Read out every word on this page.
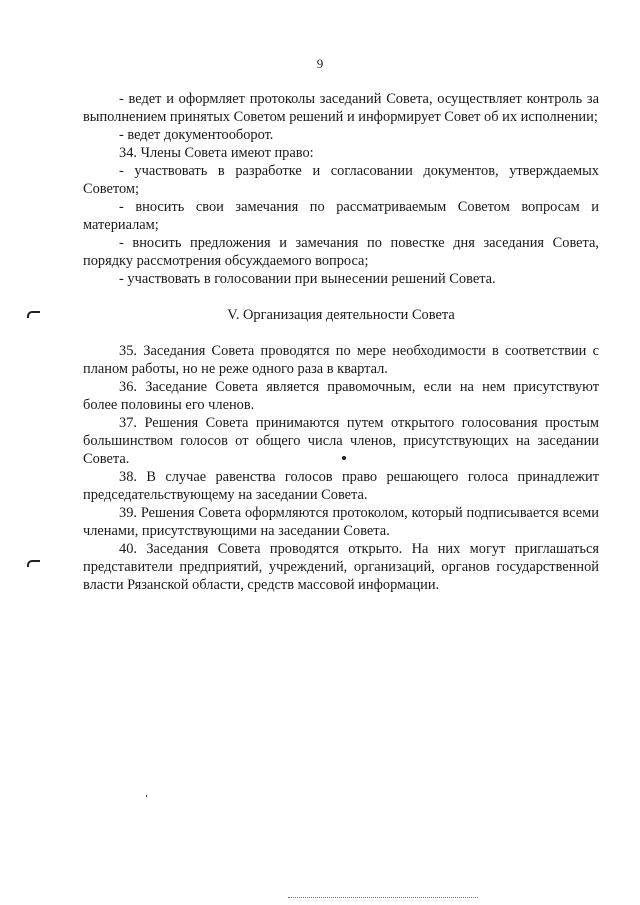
9

- ведет и оформляет протоколы заседаний Совета, осуществляет контроль за выполнением принятых Советом решений и информирует Совет об их исполнении;

- ведет документооборот.

34. Члены Совета имеют право:

- участвовать в разработке и согласовании документов, утверждаемых Советом;

- вносить свои замечания по рассматриваемым Советом вопросам и материалам;

- вносить предложения и замечания по повестке дня заседания Совета, порядку рассмотрения обсуждаемого вопроса;

- участвовать в голосовании при вынесении решений Совета.

V. Организация деятельности Совета

35. Заседания Совета проводятся по мере необходимости в соответствии с планом работы, но не реже одного раза в квартал.

36. Заседание Совета является правомочным, если на нем присутствуют более половины его членов.

37. Решения Совета принимаются путем открытого голосования простым большинством голосов от общего числа членов, присутствующих на заседании Совета.

38. В случае равенства голосов право решающего голоса принадлежит председательствующему на заседании Совета.

39. Решения Совета оформляются протоколом, который подписывается всеми членами, присутствующими на заседании Совета.

40. Заседания Совета проводятся открыто. На них могут приглашаться представители предприятий, учреждений, организаций, органов государственной власти Рязанской области, средств массовой информации.
